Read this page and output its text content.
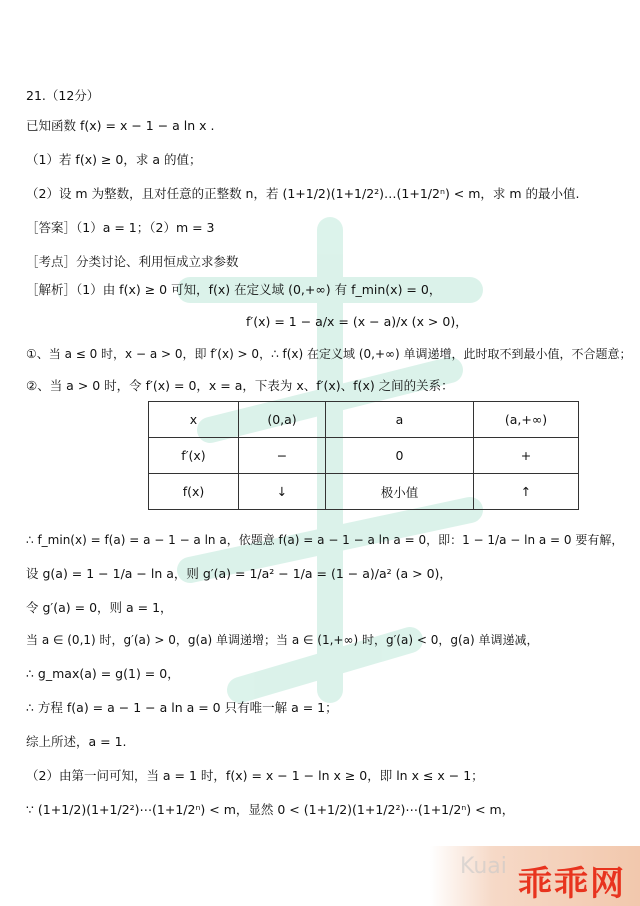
21.（12分）
已知函数 f(x) = x − 1 − a ln x .
（1）若 f(x) ≥ 0，求 a 的值；
（2）设 m 为整数，且对任意的正整数 n，若 (1+1/2)(1+1/2²)…(1+1/2ⁿ) < m，求 m 的最小值.
［答案］（1）a = 1；（2）m = 3
［考点］分类讨论、利用恒成立求参数
［解析］（1）由 f(x) ≥ 0 可知，f(x) 在定义域 (0,+∞) 有 f_min(x) = 0，
f′(x) = 1 − a/x = (x − a)/x (x > 0)，
①、当 a ≤ 0 时，x − a > 0，即 f′(x) > 0，∴ f(x) 在定义域 (0,+∞) 单调递增，此时取不到最小值，不合题意；
②、当 a > 0 时，令 f′(x) = 0，x = a，下表为 x、f′(x)、f(x) 之间的关系：
x	(0,a)	a	(a,+∞)
f′(x)	−	0	+
f(x)	↓	极小值	↑
∴ f_min(x) = f(a) = a − 1 − a ln a，依题意 f(a) = a − 1 − a ln a = 0，即：1 − 1/a − ln a = 0 要有解，
设 g(a) = 1 − 1/a − ln a，则 g′(a) = 1/a² − 1/a = (1 − a)/a² (a > 0)，
令 g′(a) = 0，则 a = 1，
当 a ∈ (0,1) 时，g′(a) > 0，g(a) 单调递增；当 a ∈ (1,+∞) 时，g′(a) < 0，g(a) 单调递减，
∴ g_max(a) = g(1) = 0，
∴ 方程 f(a) = a − 1 − a ln a = 0 只有唯一解 a = 1；
综上所述，a = 1.
（2）由第一问可知，当 a = 1 时，f(x) = x − 1 − ln x ≥ 0，即 ln x ≤ x − 1；
∵ (1+1/2)(1+1/2²)⋯(1+1/2ⁿ) < m，显然 0 < (1+1/2)(1+1/2²)⋯(1+1/2ⁿ) < m，
Kuai 乖乖网
